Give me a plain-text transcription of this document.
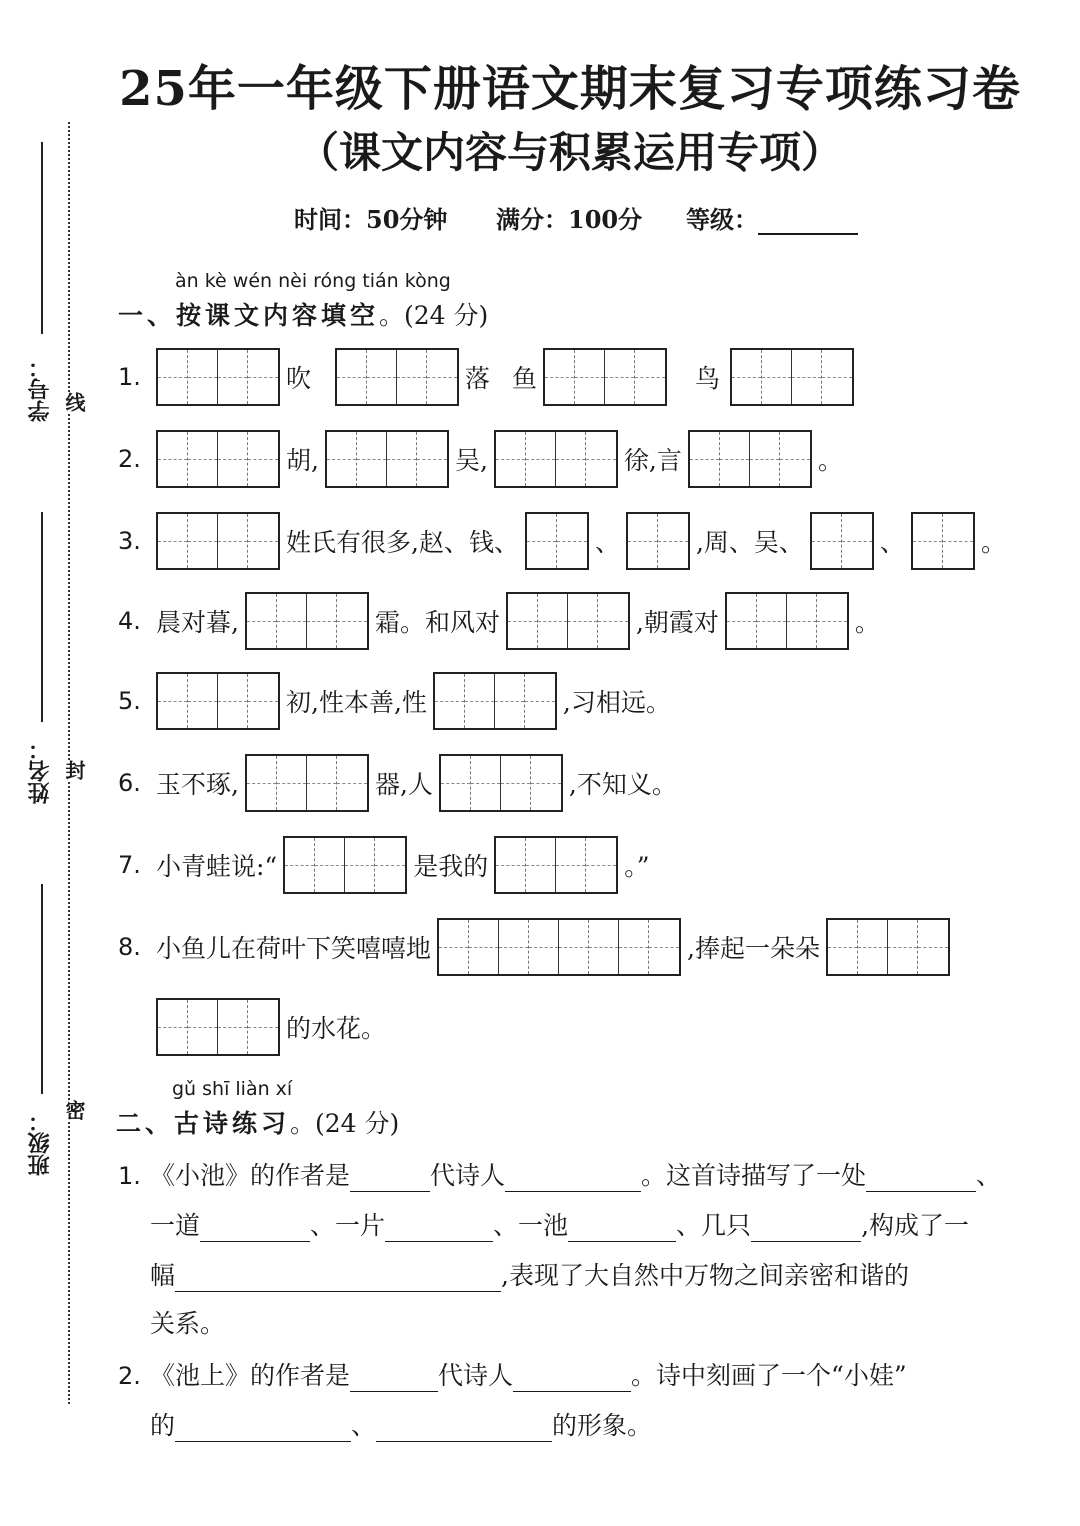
学号：
姓名：
班级：
线
封
密
25年一年级下册语文期末复习专项练习卷
（课文内容与积累运用专项）
时间：50分钟 满分：100分 等级：
àn kè wén nèi róng tián kòng
一、按课文内容填空。(24 分)
1.	吹	落 鱼	鸟
2.	胡,	吴,	徐,言	。
3.	姓氏有很多,赵、钱、	、	,周、吴、	、	。
4. 晨对暮,	霜。和风对	,朝霞对	。
5.	初,性本善,性	,习相远。
6. 玉不琢,	器,人	,不知义。
7. 小青蛙说:“	是我的	。”
8. 小鱼儿在荷叶下笑嘻嘻地	,捧起一朵朵
的水花。
gǔ shī liàn xí
二、古诗练习。(24 分)
1. 《小池》的作者是	代诗人	。这首诗描写了一处	、
一道	、一片	、一池	、几只	,构成了一
幅	,表现了大自然中万物之间亲密和谐的
关系。
2. 《池上》的作者是	代诗人	。诗中刻画了一个“小娃”
的	、	的形象。
